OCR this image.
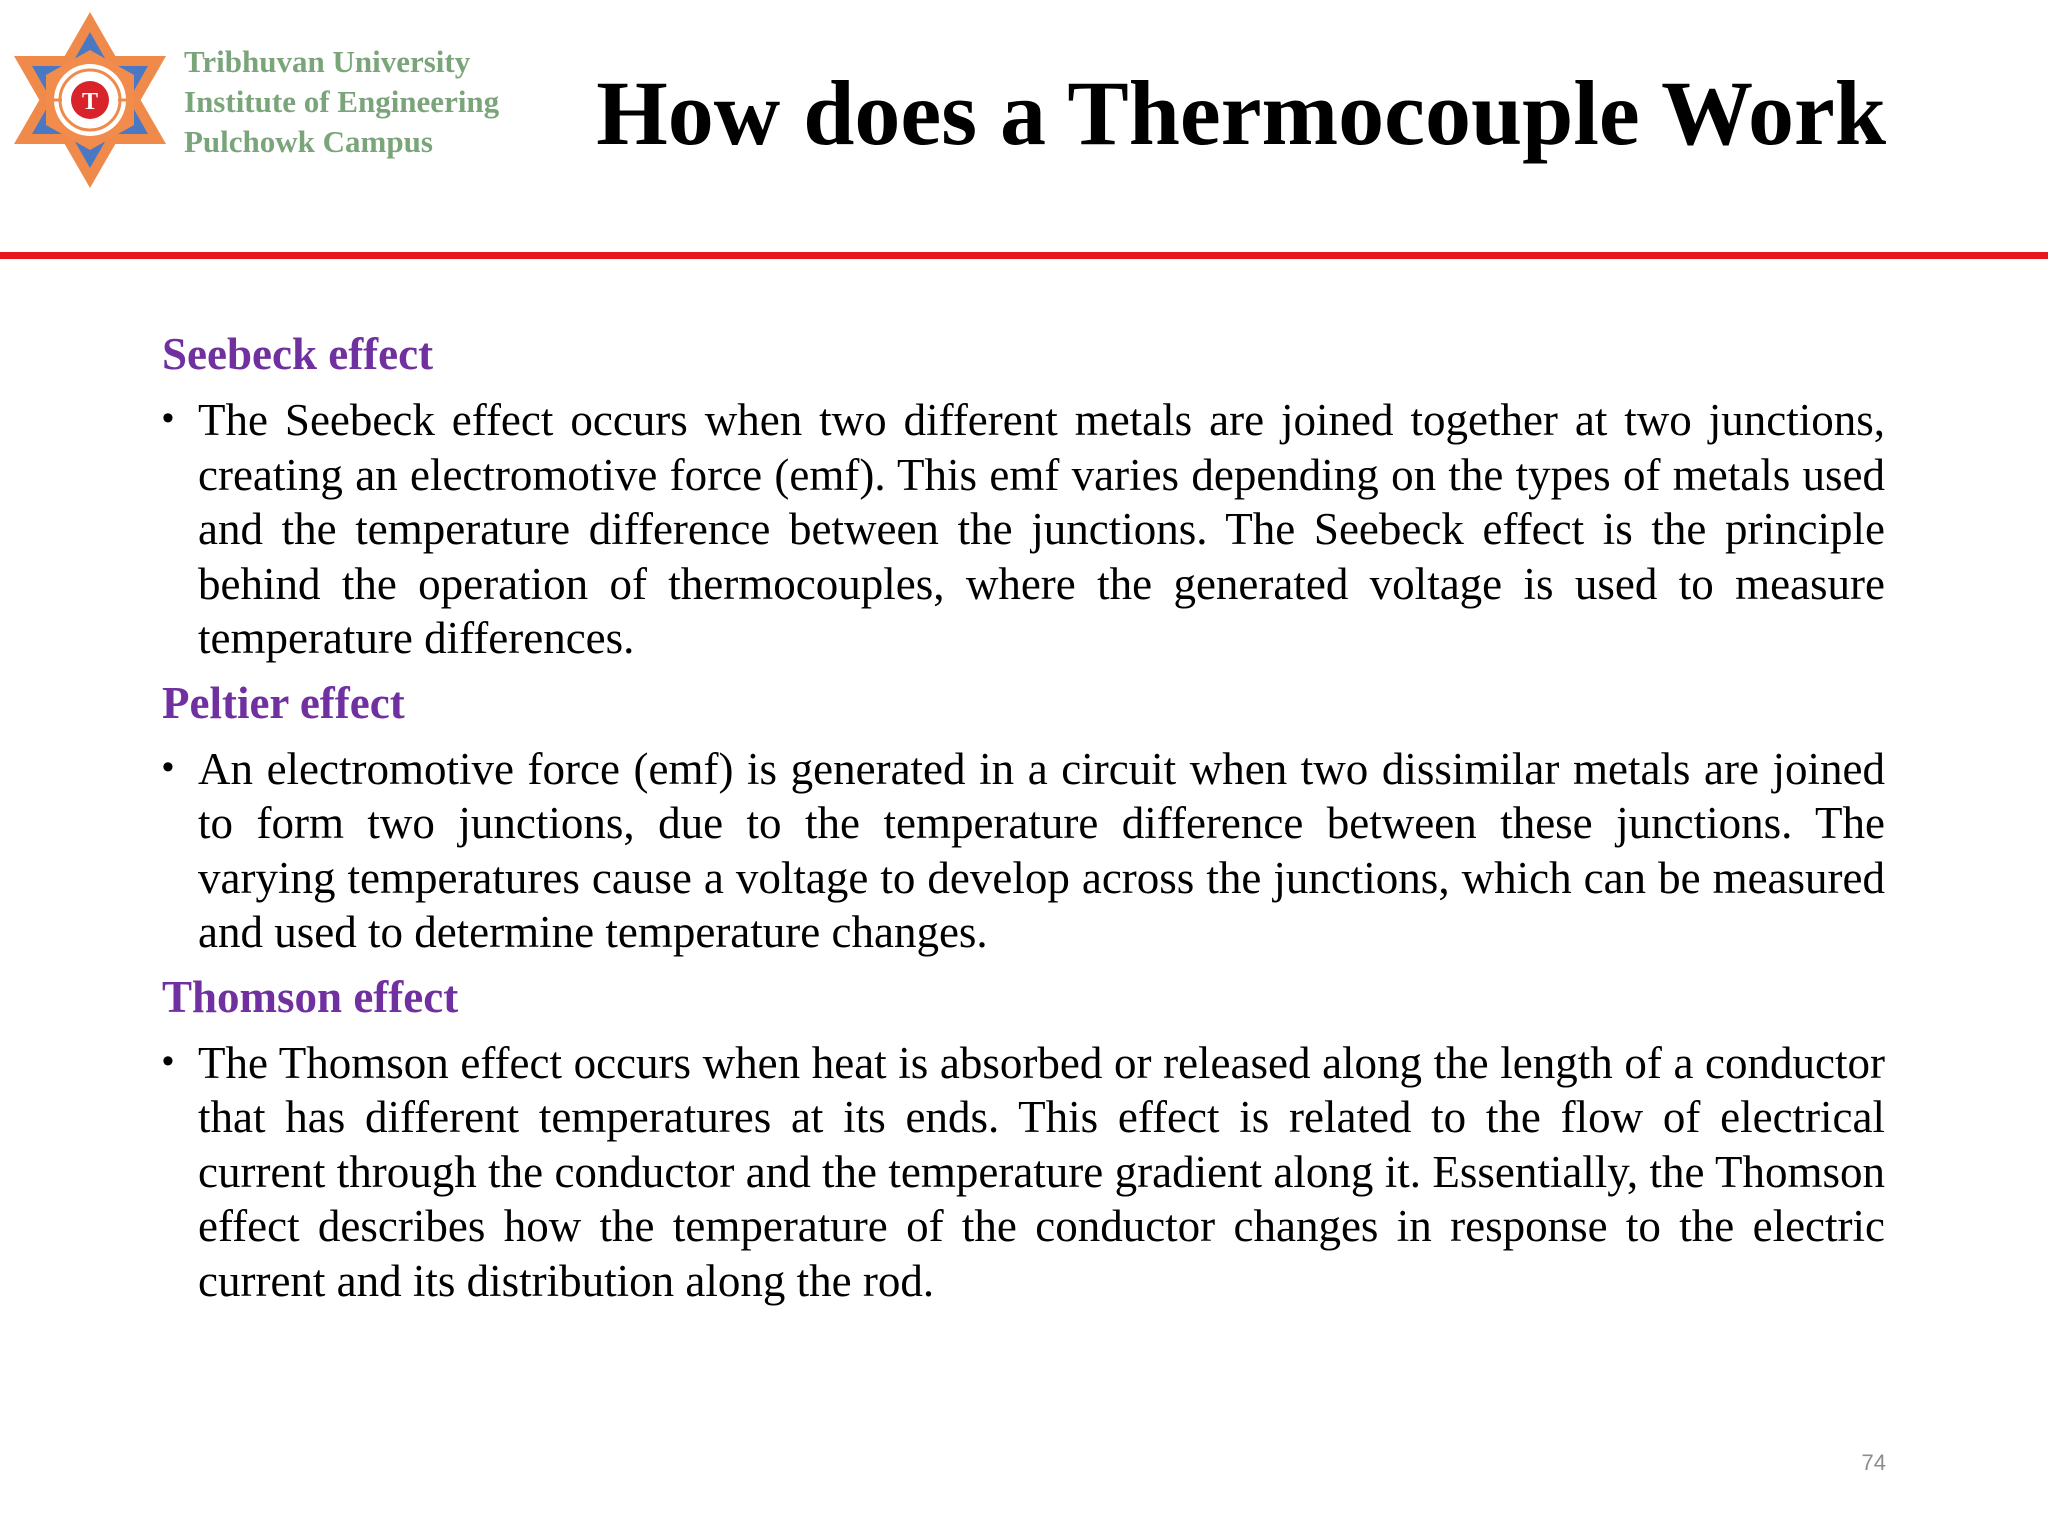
T
Tribhuvan University
Institute of Engineering
Pulchowk Campus	How does a Thermocouple Work
Seebeck effect
• The Seebeck effect occurs when two different metals are joined together at two junctions, creating an electromotive force (emf). This emf varies depending on the types of metals used and the temperature difference between the junctions. The Seebeck effect is the principle behind the operation of thermocouples, where the generated voltage is used to measure temperature differences.
Peltier effect
• An electromotive force (emf) is generated in a circuit when two dissimilar metals are joined to form two junctions, due to the temperature difference between these junctions. The varying temperatures cause a voltage to develop across the junctions, which can be measured and used to determine temperature changes.
Thomson effect
• The Thomson effect occurs when heat is absorbed or released along the length of a conductor that has different temperatures at its ends. This effect is related to the flow of electrical current through the conductor and the temperature gradient along it. Essentially, the Thomson effect describes how the temperature of the conductor changes in response to the electric current and its distribution along the rod.
74
